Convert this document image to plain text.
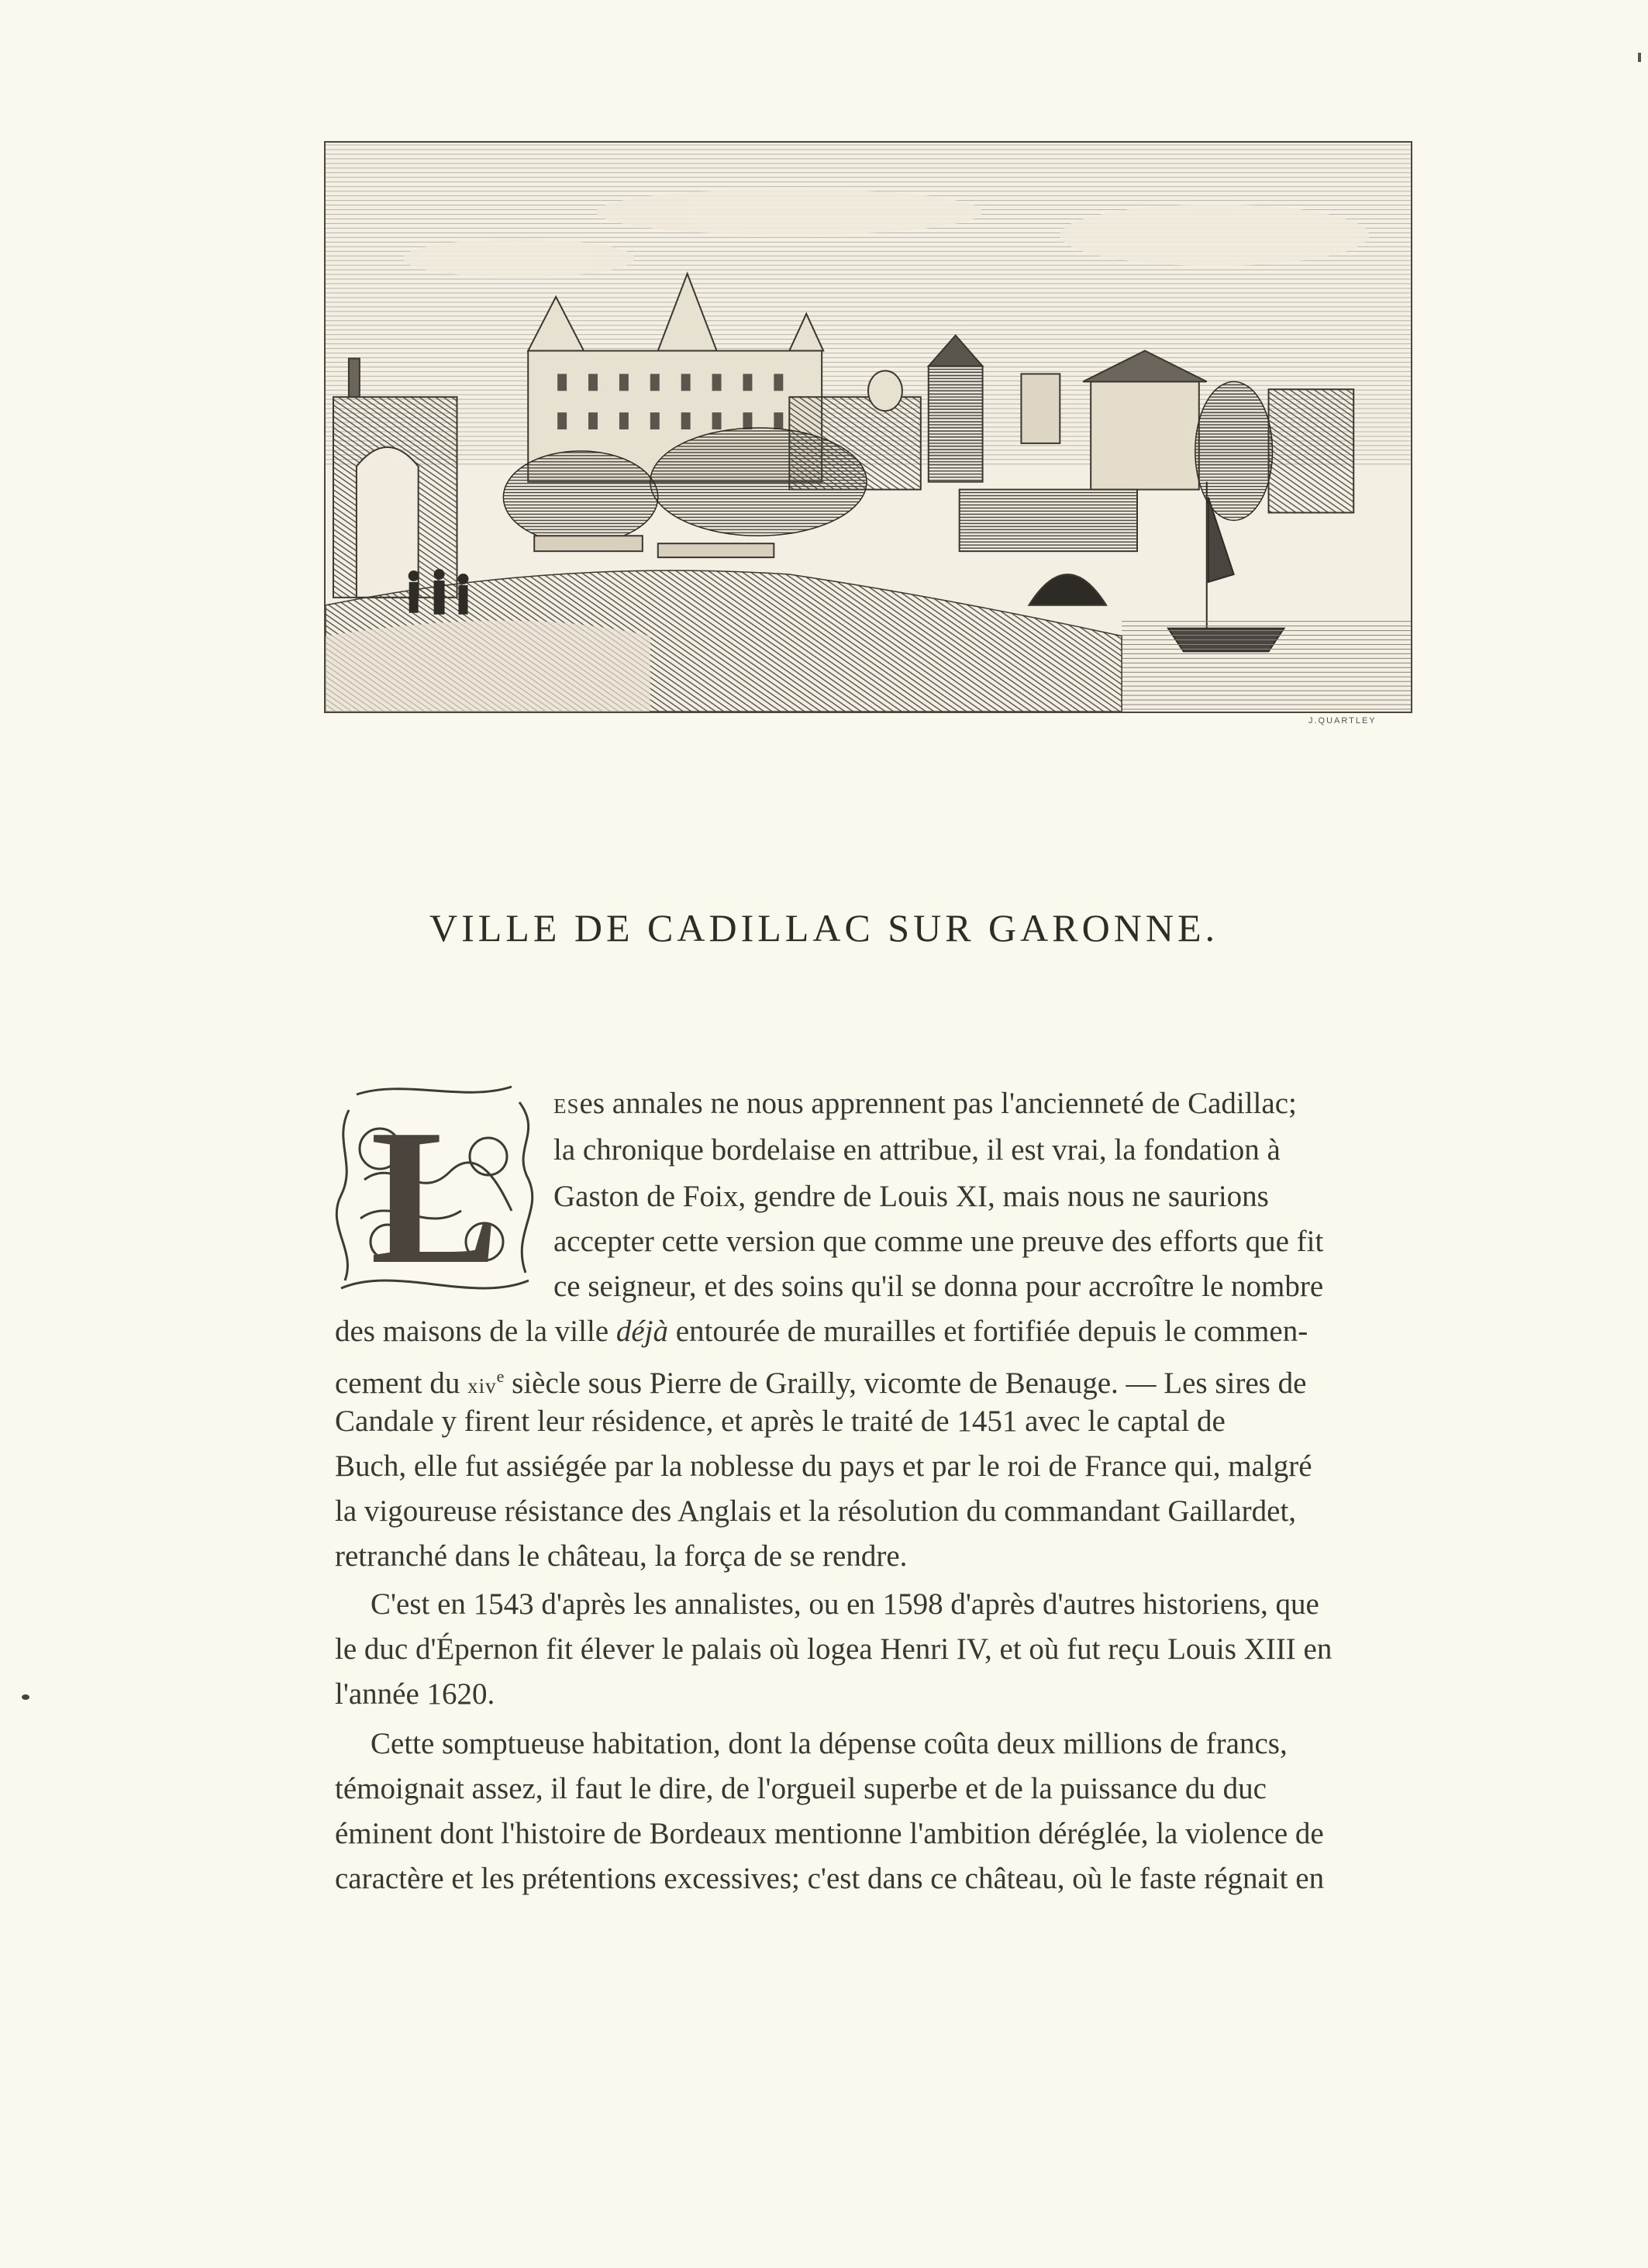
J.QUARTLEY
VILLE DE CADILLAC SUR GARONNE.
L	ESes annales ne nous apprennent pas l'ancienneté de Cadillac;
la chronique bordelaise en attribue, il est vrai, la fondation à
Gaston de Foix, gendre de Louis XI, mais nous ne saurions
accepter cette version que comme une preuve des efforts que fit
ce seigneur, et des soins qu'il se donna pour accroître le nombre
des maisons de la ville déjà entourée de murailles et fortifiée depuis le commen-
cement du xiv$^e$ siècle sous Pierre de Grailly, vicomte de Benauge. — Les sires de
Candale y firent leur résidence, et après le traité de 1451 avec le captal de
Buch, elle fut assiégée par la noblesse du pays et par le roi de France qui, malgré
la vigoureuse résistance des Anglais et la résolution du commandant Gaillardet,
retranché dans le château, la força de se rendre.
C'est en 1543 d'après les annalistes, ou en 1598 d'après d'autres historiens, que
le duc d'Épernon fit élever le palais où logea Henri IV, et où fut reçu Louis XIII en
l'année 1620.
Cette somptueuse habitation, dont la dépense coûta deux millions de francs,
témoignait assez, il faut le dire, de l'orgueil superbe et de la puissance du duc
éminent dont l'histoire de Bordeaux mentionne l'ambition déréglée, la violence de
caractère et les prétentions excessives; c'est dans ce château, où le faste régnait en
